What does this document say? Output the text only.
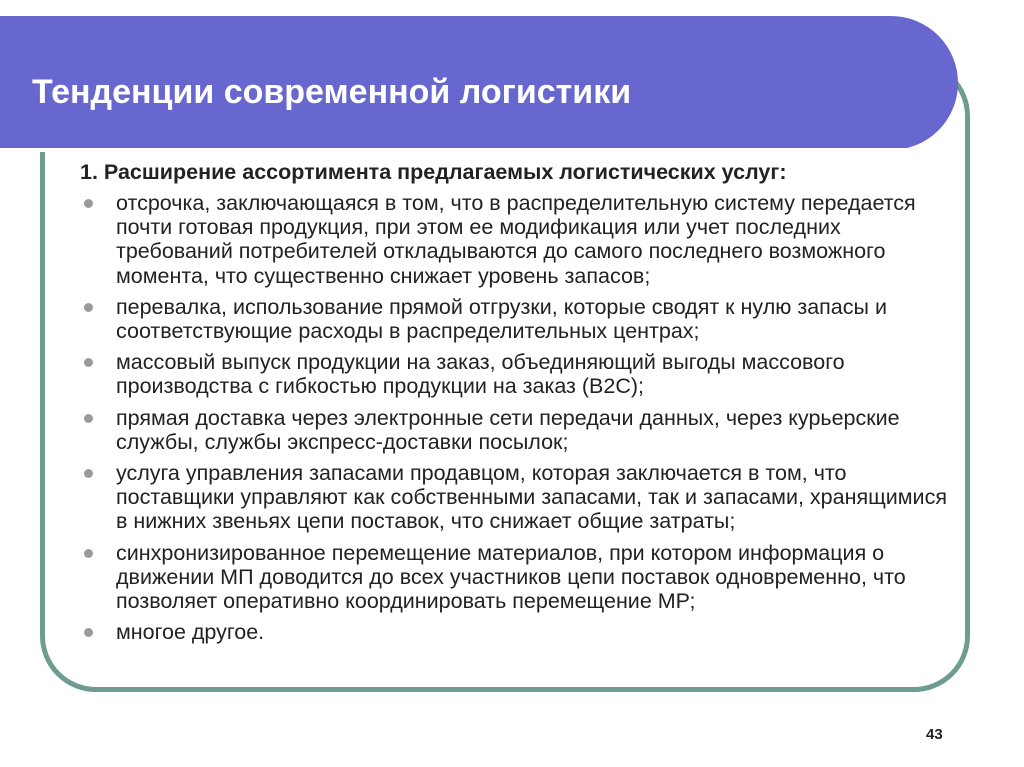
Тенденции современной логистики

1. Расширение ассортимента предлагаемых логистических услуг:

отсрочка, заключающаяся в том, что в распределительную систему передается почти готовая продукция, при этом ее модификация или учет последних требований потребителей откладываются до самого последнего возможного момента, что существенно снижает уровень запасов;
перевалка, использование прямой отгрузки, которые сводят к нулю запасы и соответствующие расходы в распределительных центрах;
массовый выпуск продукции на заказ, объединяющий выгоды массового производства с гибкостью продукции на заказ (B2C);
прямая доставка через электронные сети передачи данных, через курьерские службы, службы экспресс-доставки посылок;
услуга управления запасами продавцом, которая заключается в том, что поставщики управляют как собственными запасами, так и запасами, хранящимися в нижних звеньях цепи поставок, что снижает общие затраты;
синхронизированное перемещение материалов, при котором информация о движении МП доводится до всех участников цепи поставок одновременно, что позволяет оперативно координировать перемещение МР;
многое другое.
43
